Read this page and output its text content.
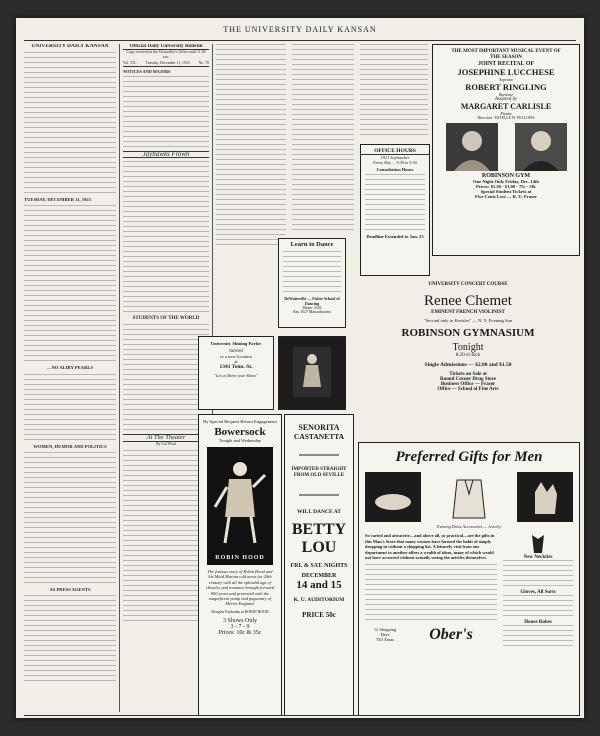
THE UNIVERSITY DAILY KANSAN
UNIVERSITY DAILY KANSAN
TUESDAY, DECEMBER 11, 1923
—NO ALIBY PEARLS
WOMEN, HUMOR AND POLITICS
AS PRESS AGENTS
Official Daily University Bulletin
Copy received at the Chancellor's Office until 11:00 a.m.
Vol. XX. Tuesday, December 11, 1923 No. 70
NOTICES AND MAJORS
Jayhawks Flown
STUDENTS OF THE WORLD
At The Theater
By Cal Word
Learn to Dance
DeWatteville — Fisher School of Dancing
Phone: 2162
Rm. 1027 Massachusetts
University Shining Parlor
moved
to a new location
at
1341 Tenn. St.
"Let us Shine your Shoes"
By Special Request Return Engagement
Bowersock
Tonight and Wednesday
ROBIN HOOD
The famous story of Robin Hood and his Maid Marian told anew for 20th century with all the splendid age of chivalry and romance brought forward 800 years and presented with the magnificent pomp and pageantry of Merrie England.
Douglas Fairbanks in ROBIN HOOD
3 Shows Only
3 - 7 - 9
Prices: 10c & 35c
SENORITA
CASTANETTA
IMPORTED STRAIGHT FROM OLD SEVILLE
WILL DANCE AT
BETTY
LOU
FRI. & SAT. NIGHTS
DECEMBER
14 and 15
K. U. AUDITORIUM
PRICE 50c
THE MOST IMPORTANT MUSICAL EVENT OF THE SEASON
JOINT RECITAL OF
JOSEPHINE LUCCHESE
Soprano
ROBERT RINGLING
Baritone
Assisted by
MARGARET CARLISLE
Pianist
Direction - ESTELLE W. FELLOWS
ROBINSON GYM
One Night Only Friday, Dec. 14th
Prices: $1.50 - $1.00 - 75c - 50c
Special Student Tickets at
Five Cents Less — K. U. Fraser
OFFICE HOURS
1921 Jayhawker
Every Day ... 9:30 to 5:30
Consultation Hours
Deadline Extended to Jan. 23
UNIVERSITY CONCERT COURSE
Renee Chemet
EMINENT FRENCH VIOLINIST
"Second only to Kreisler" — N. Y. Evening Sun
ROBINSON GYMNASIUM
Tonight
8:20 o'clock
Single Admissions — $2.00 and $1.50
Tickets on Sale at
Round Corner Drug Store
Business Office — Fraser
Office — School of Fine Arts
Preferred Gifts for Men
Evening Dress Accessories — Jewelry
So varied and attractive—and above all, so practical—are the gifts in this Man's Store that many women have formed the habit of simply dropping in without a shopping list. A leisurely visit from one department to another offers a wealth of ideas, many of which would not have occurred without actually seeing the articles themselves.
12 Shopping
Days
'Till Xmas	Ober's
New Neckties
Gloves, All Sorts
House Robes
